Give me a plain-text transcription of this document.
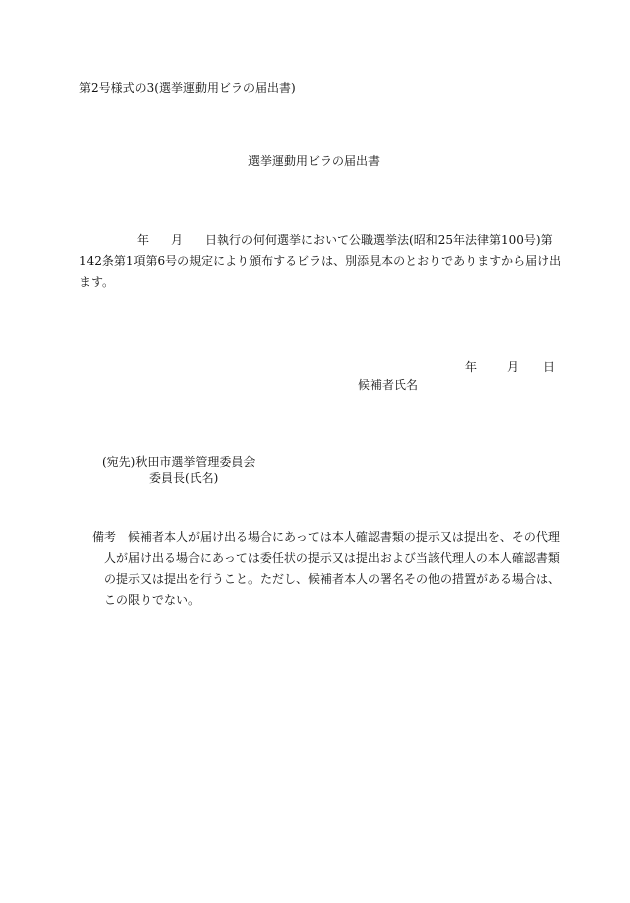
第2号様式の3(選挙運動用ビラの届出書)
選挙運動用ビラの届出書
年 月 日執行の何何選挙において公職選挙法(昭和25年法律第100号)第
142条第1項第6号の規定により頒布するビラは、別添見本のとおりでありますから届け出
ます。
年	月 日
候補者氏名
(宛先)秋田市選挙管理委員会
委員長(氏名)
備考 候補者本人が届け出る場合にあっては本人確認書類の提示又は提出を、その代理
人が届け出る場合にあっては委任状の提示又は提出および当該代理人の本人確認書類
の提示又は提出を行うこと。ただし、候補者本人の署名その他の措置がある場合は、
この限りでない。
